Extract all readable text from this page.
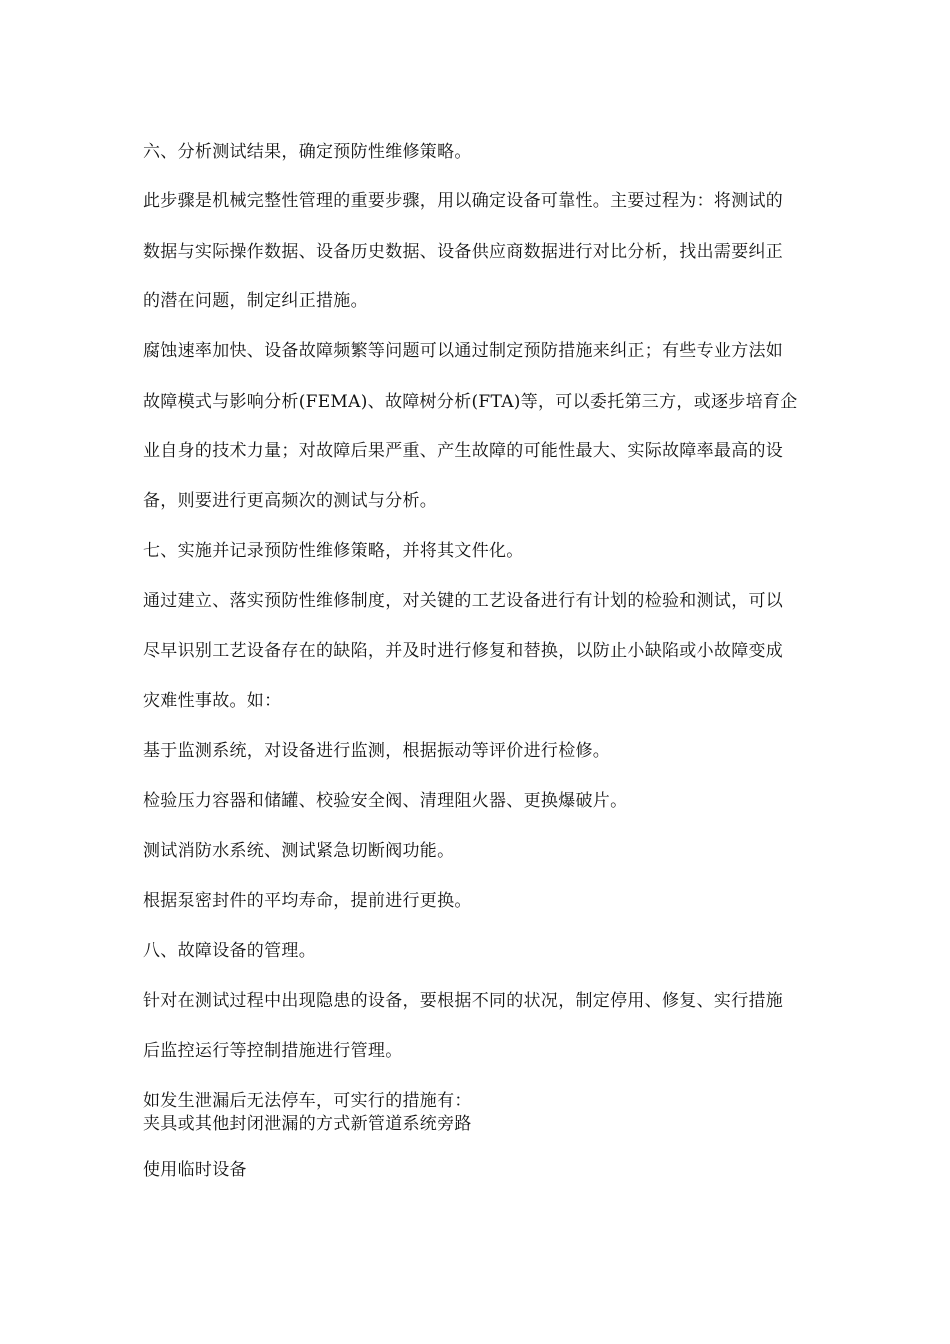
六、分析测试结果，确定预防性维修策略。
此步骤是机械完整性管理的重要步骤，用以确定设备可靠性。主要过程为：将测试的
数据与实际操作数据、设备历史数据、设备供应商数据进行对比分析，找出需要纠正
的潜在问题，制定纠正措施。
腐蚀速率加快、设备故障频繁等问题可以通过制定预防措施来纠正；有些专业方法如
故障模式与影响分析(FEMA)、故障树分析(FTA)等，可以委托第三方，或逐步培育企
业自身的技术力量；对故障后果严重、产生故障的可能性最大、实际故障率最高的设
备，则要进行更高频次的测试与分析。
七、实施并记录预防性维修策略，并将其文件化。
通过建立、落实预防性维修制度，对关键的工艺设备进行有计划的检验和测试，可以
尽早识别工艺设备存在的缺陷，并及时进行修复和替换，以防止小缺陷或小故障变成
灾难性事故。如：
基于监测系统，对设备进行监测，根据振动等评价进行检修。
检验压力容器和储罐、校验安全阀、清理阻火器、更换爆破片。
测试消防水系统、测试紧急切断阀功能。
根据泵密封件的平均寿命，提前进行更换。
八、故障设备的管理。
针对在测试过程中出现隐患的设备，要根据不同的状况，制定停用、修复、实行措施
后监控运行等控制措施进行管理。
如发生泄漏后无法停车，可实行的措施有：
夹具或其他封闭泄漏的方式新管道系统旁路
使用临时设备
